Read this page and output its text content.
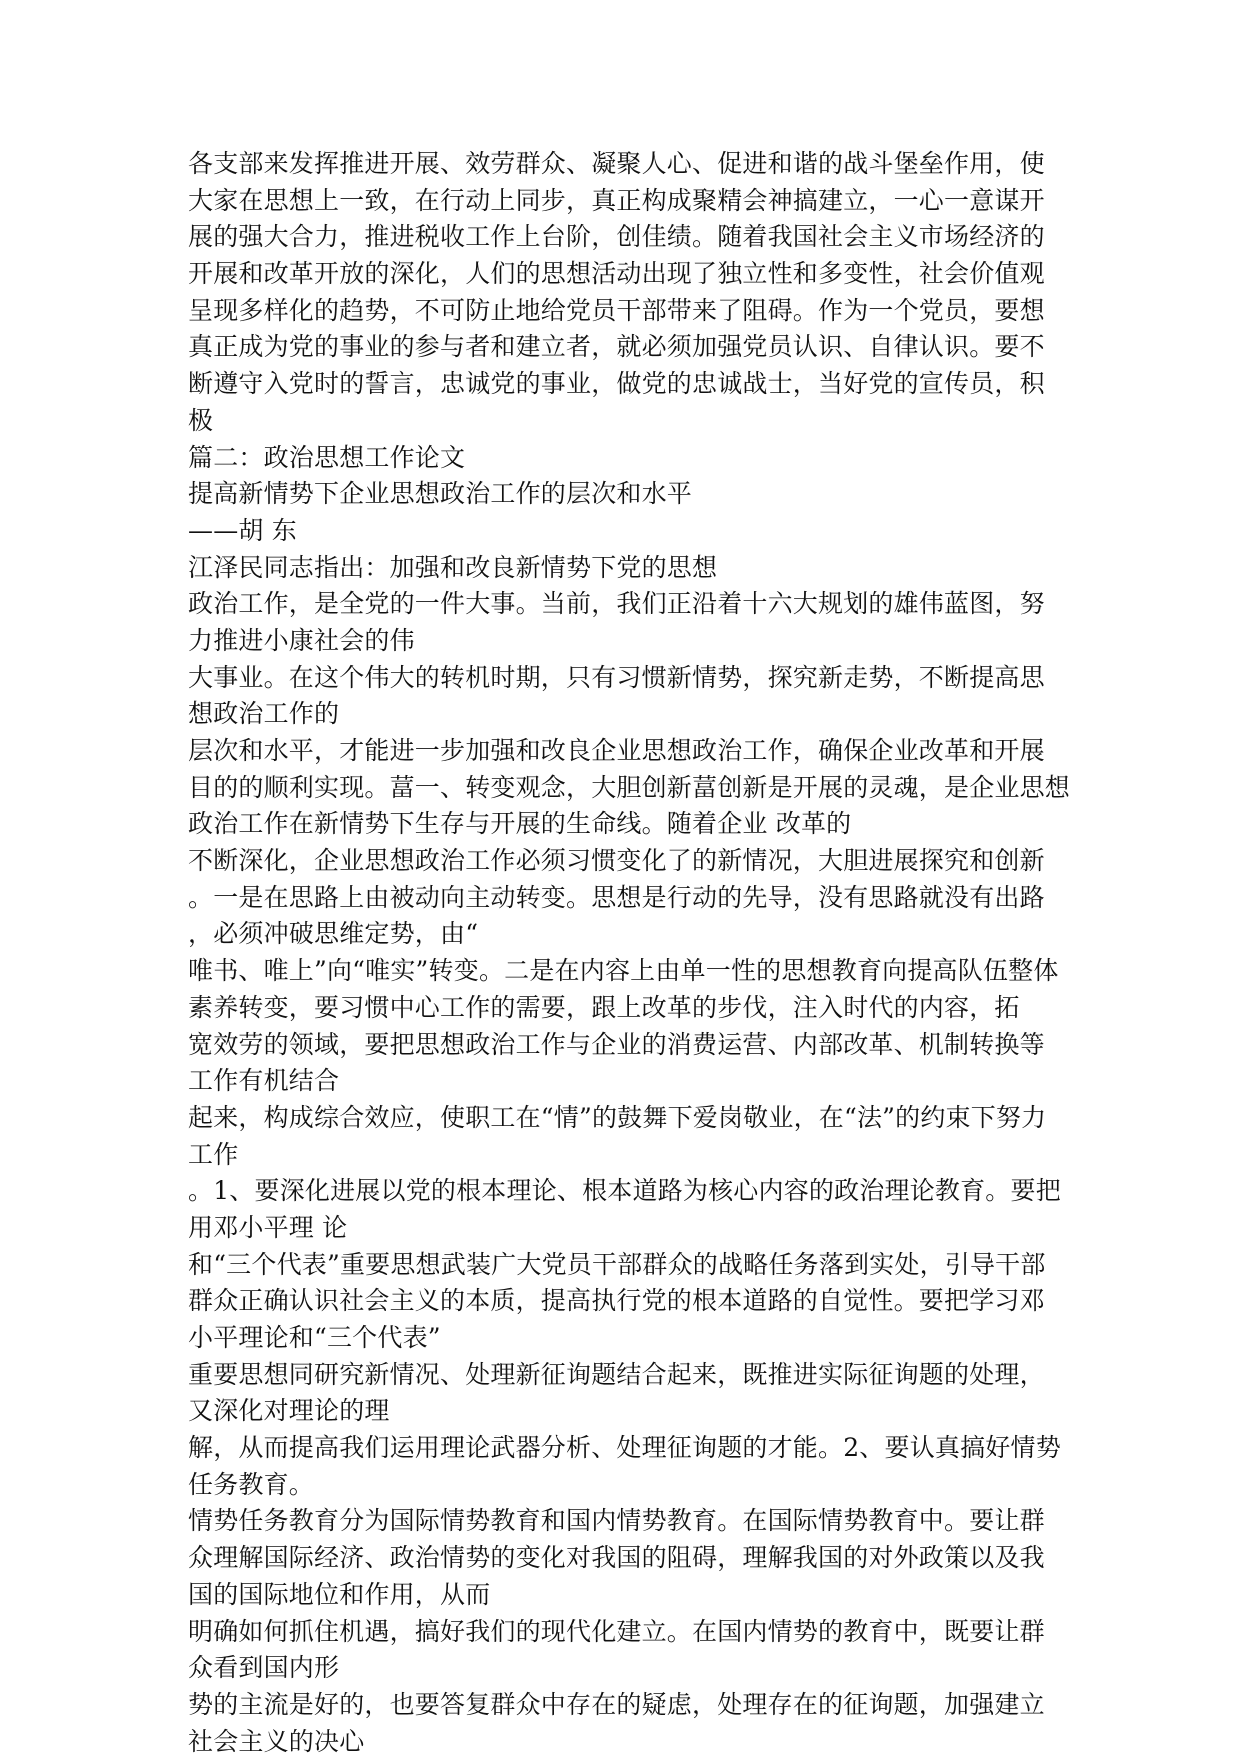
各支部来发挥推进开展、效劳群众、凝聚人心、促进和谐的战斗堡垒作用，使
大家在思想上一致，在行动上同步，真正构成聚精会神搞建立，一心一意谋开
展的强大合力，推进税收工作上台阶，创佳绩。随着我国社会主义市场经济的
开展和改革开放的深化，人们的思想活动出现了独立性和多变性，社会价值观
呈现多样化的趋势，不可防止地给党员干部带来了阻碍。作为一个党员，要想
真正成为党的事业的参与者和建立者，就必须加强党员认识、自律认识。要不
断遵守入党时的誓言，忠诚党的事业，做党的忠诚战士，当好党的宣传员，积
极
篇二：政治思想工作论文
提高新情势下企业思想政治工作的层次和水平
——胡 东
江泽民同志指出：加强和改良新情势下党的思想
政治工作，是全党的一件大事。当前，我们正沿着十六大规划的雄伟蓝图，努
力推进小康社会的伟
大事业。在这个伟大的转机时期，只有习惯新情势，探究新走势，不断提高思
想政治工作的
层次和水平，才能进一步加强和改良企业思想政治工作，确保企业改革和开展
目的的顺利实现。葍一、转变观念，大胆创新葍创新是开展的灵魂，是企业思想
政治工作在新情势下生存与开展的生命线。随着企业 改革的
不断深化，企业思想政治工作必须习惯变化了的新情况，大胆进展探究和创新
。一是在思路上由被动向主动转变。思想是行动的先导，没有思路就没有出路
，必须冲破思维定势，由“
唯书、唯上”向“唯实”转变。二是在内容上由单一性的思想教育向提高队伍整体
素养转变，要习惯中心工作的需要，跟上改革的步伐，注入时代的内容，拓
宽效劳的领域，要把思想政治工作与企业的消费运营、内部改革、机制转换等
工作有机结合
起来，构成综合效应，使职工在“情”的鼓舞下爱岗敬业，在“法”的约束下努力
工作
。1、要深化进展以党的根本理论、根本道路为核心内容的政治理论教育。要把
用邓小平理 论
和“三个代表”重要思想武装广大党员干部群众的战略任务落到实处，引导干部
群众正确认识社会主义的本质，提高执行党的根本道路的自觉性。要把学习邓
小平理论和“三个代表”
重要思想同研究新情况、处理新征询题结合起来，既推进实际征询题的处理，
又深化对理论的理
解，从而提高我们运用理论武器分析、处理征询题的才能。2、要认真搞好情势
任务教育。
情势任务教育分为国际情势教育和国内情势教育。在国际情势教育中。要让群
众理解国际经济、政治情势的变化对我国的阻碍，理解我国的对外政策以及我
国的国际地位和作用，从而
明确如何抓住机遇，搞好我们的现代化建立。在国内情势的教育中，既要让群
众看到国内形
势的主流是好的，也要答复群众中存在的疑虑，处理存在的征询题，加强建立
社会主义的决心
